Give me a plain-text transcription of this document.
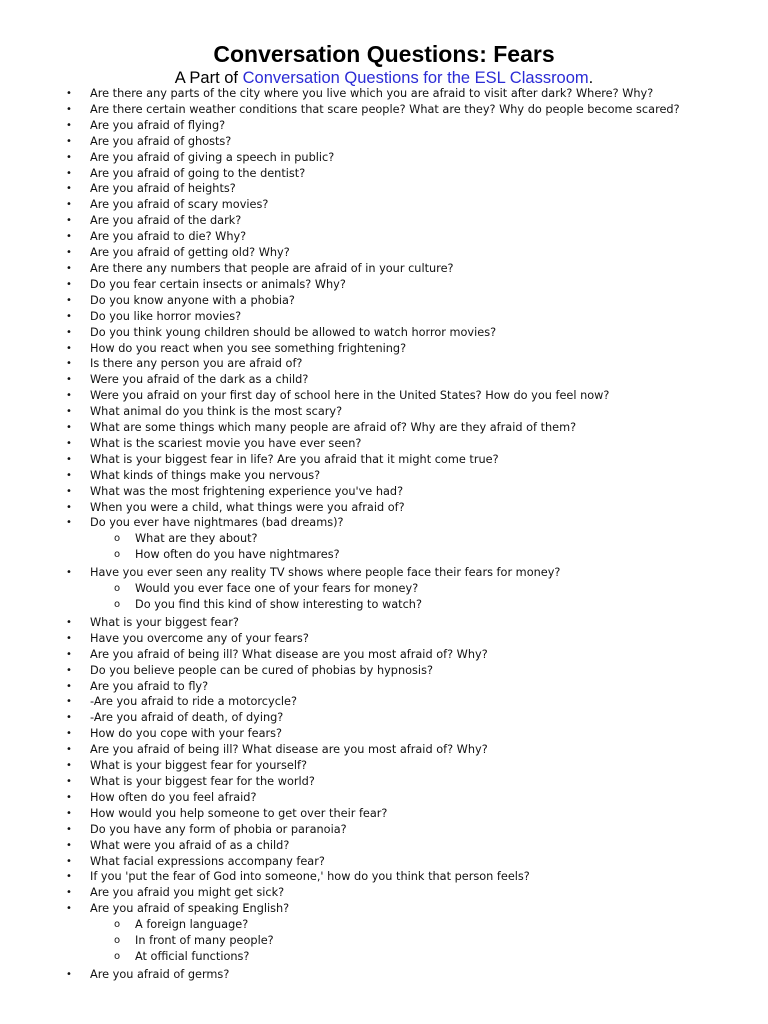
Conversation Questions: Fears

A Part of Conversation Questions for the ESL Classroom.

• Are there any parts of the city where you live which you are afraid to visit after dark? Where? Why?
• Are there certain weather conditions that scare people? What are they? Why do people become scared?
• Are you afraid of flying?
• Are you afraid of ghosts?
• Are you afraid of giving a speech in public?
• Are you afraid of going to the dentist?
• Are you afraid of heights?
• Are you afraid of scary movies?
• Are you afraid of the dark?
• Are you afraid to die? Why?
• Are you afraid of getting old? Why?
• Are there any numbers that people are afraid of in your culture?
• Do you fear certain insects or animals? Why?
• Do you know anyone with a phobia?
• Do you like horror movies?
• Do you think young children should be allowed to watch horror movies?
• How do you react when you see something frightening?
• Is there any person you are afraid of?
• Were you afraid of the dark as a child?
• Were you afraid on your first day of school here in the United States? How do you feel now?
• What animal do you think is the most scary?
• What are some things which many people are afraid of? Why are they afraid of them?
• What is the scariest movie you have ever seen?
• What is your biggest fear in life? Are you afraid that it might come true?
• What kinds of things make you nervous?
• What was the most frightening experience you've had?
• When you were a child, what things were you afraid of?
• Do you ever have nightmares (bad dreams)?
o What are they about?
o How often do you have nightmares?
• Have you ever seen any reality TV shows where people face their fears for money?
o Would you ever face one of your fears for money?
o Do you find this kind of show interesting to watch?
• What is your biggest fear?
• Have you overcome any of your fears?
• Are you afraid of being ill? What disease are you most afraid of? Why?
• Do you believe people can be cured of phobias by hypnosis?
• Are you afraid to fly?
• -Are you afraid to ride a motorcycle?
• -Are you afraid of death, of dying?
• How do you cope with your fears?
• Are you afraid of being ill? What disease are you most afraid of? Why?
• What is your biggest fear for yourself?
• What is your biggest fear for the world?
• How often do you feel afraid?
• How would you help someone to get over their fear?
• Do you have any form of phobia or paranoia?
• What were you afraid of as a child?
• What facial expressions accompany fear?
• If you 'put the fear of God into someone,' how do you think that person feels?
• Are you afraid you might get sick?
• Are you afraid of speaking English?
o A foreign language?
o In front of many people?
o At official functions?
• Are you afraid of germs?
